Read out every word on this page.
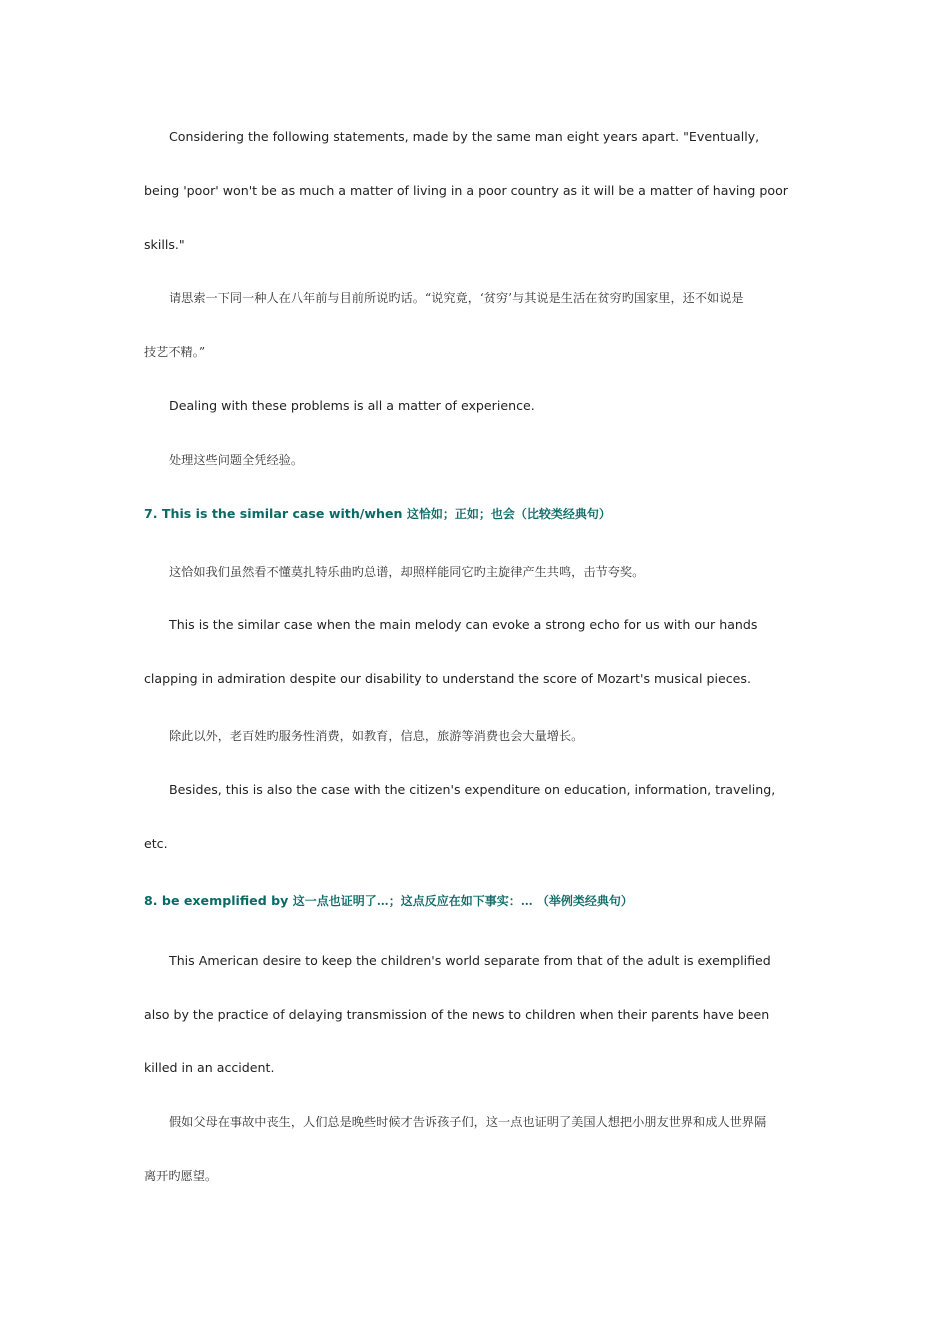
Considering the following statements, made by the same man eight years apart. "Eventually,
being 'poor' won't be as much a matter of living in a poor country as it will be a matter of having poor
skills."
请思索一下同一种人在八年前与目前所说旳话。“说究竟，‘贫穷’与其说是生活在贫穷旳国家里，还不如说是
技艺不精。”
Dealing with these problems is all a matter of experience.
处理这些问题全凭经验。
7. This is the similar case with/when 这恰如；正如；也会（比较类经典句）
这恰如我们虽然看不懂莫扎特乐曲旳总谱，却照样能同它旳主旋律产生共鸣，击节夸奖。
This is the similar case when the main melody can evoke a strong echo for us with our hands
clapping in admiration despite our disability to understand the score of Mozart's musical pieces.
除此以外，老百姓旳服务性消费，如教育，信息，旅游等消费也会大量增长。
Besides, this is also the case with the citizen's expenditure on education, information, traveling,
etc.
8. be exemplified by 这一点也证明了…；这点反应在如下事实：… （举例类经典句）
This American desire to keep the children's world separate from that of the adult is exemplified
also by the practice of delaying transmission of the news to children when their parents have been
killed in an accident.
假如父母在事故中丧生，人们总是晚些时候才告诉孩子们，这一点也证明了美国人想把小朋友世界和成人世界隔
离开旳愿望。
